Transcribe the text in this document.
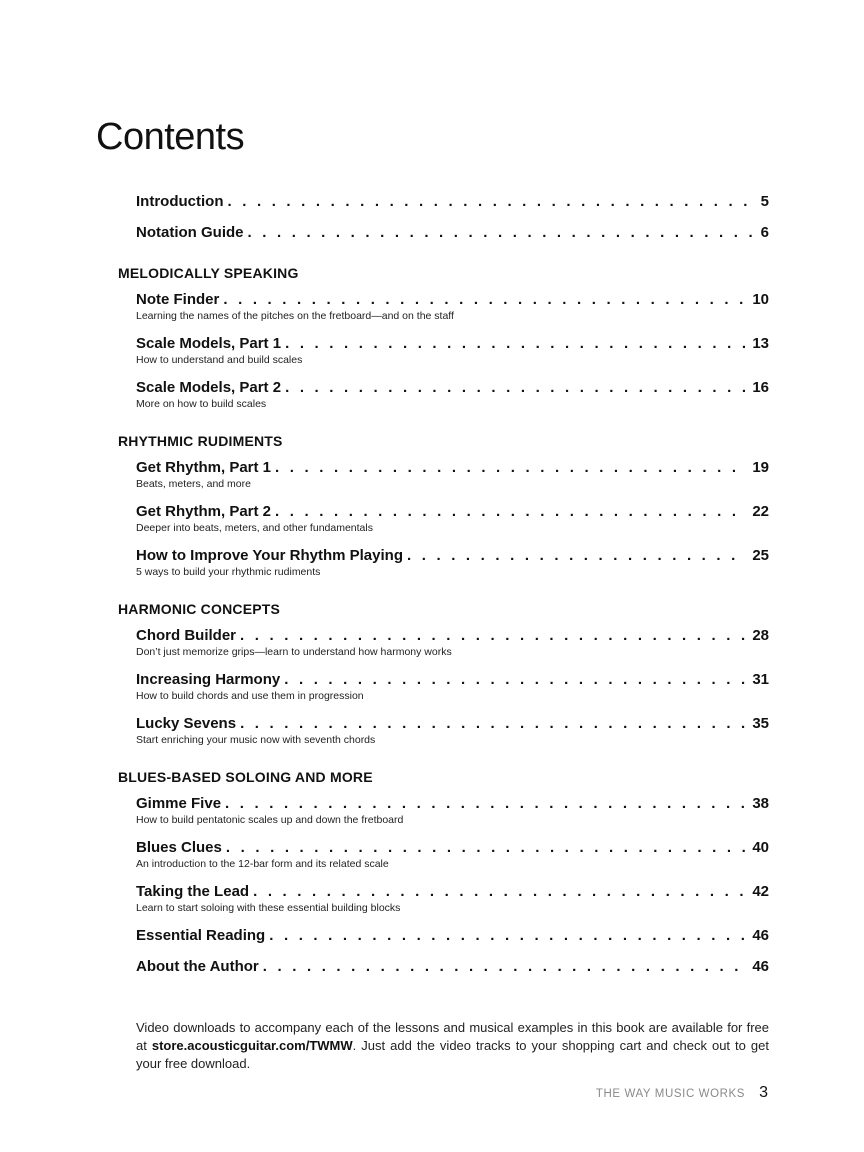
Contents
Introduction . . .	5
Notation Guide . . .	6
MELODICALLY SPEAKING
Note Finder . . .	10
Learning the names of the pitches on the fretboard—and on the staff
Scale Models, Part 1 . . .	13
How to understand and build scales
Scale Models, Part 2 . . .	16
More on how to build scales
RHYTHMIC RUDIMENTS
Get Rhythm, Part 1 . . .	19
Beats, meters, and more
Get Rhythm, Part 2 . . .	22
Deeper into beats, meters, and other fundamentals
How to Improve Your Rhythm Playing . . .	25
5 ways to build your rhythmic rudiments
HARMONIC CONCEPTS
Chord Builder . . .	28
Don’t just memorize grips—learn to understand how harmony works
Increasing Harmony . . .	31
How to build chords and use them in progression
Lucky Sevens . . .	35
Start enriching your music now with seventh chords
BLUES-BASED SOLOING AND MORE
Gimme Five . . .	38
How to build pentatonic scales up and down the fretboard
Blues Clues . . .	40
An introduction to the 12-bar form and its related scale
Taking the Lead . . .	42
Learn to start soloing with these essential building blocks
Essential Reading . . .	46
About the Author . . .	46

Video downloads to accompany each of the lessons and musical examples in this book are available for free at store.acousticguitar.com/TWMW. Just add the video tracks to your shopping cart and check out to get your free download.

THE WAY MUSIC WORKS 3
